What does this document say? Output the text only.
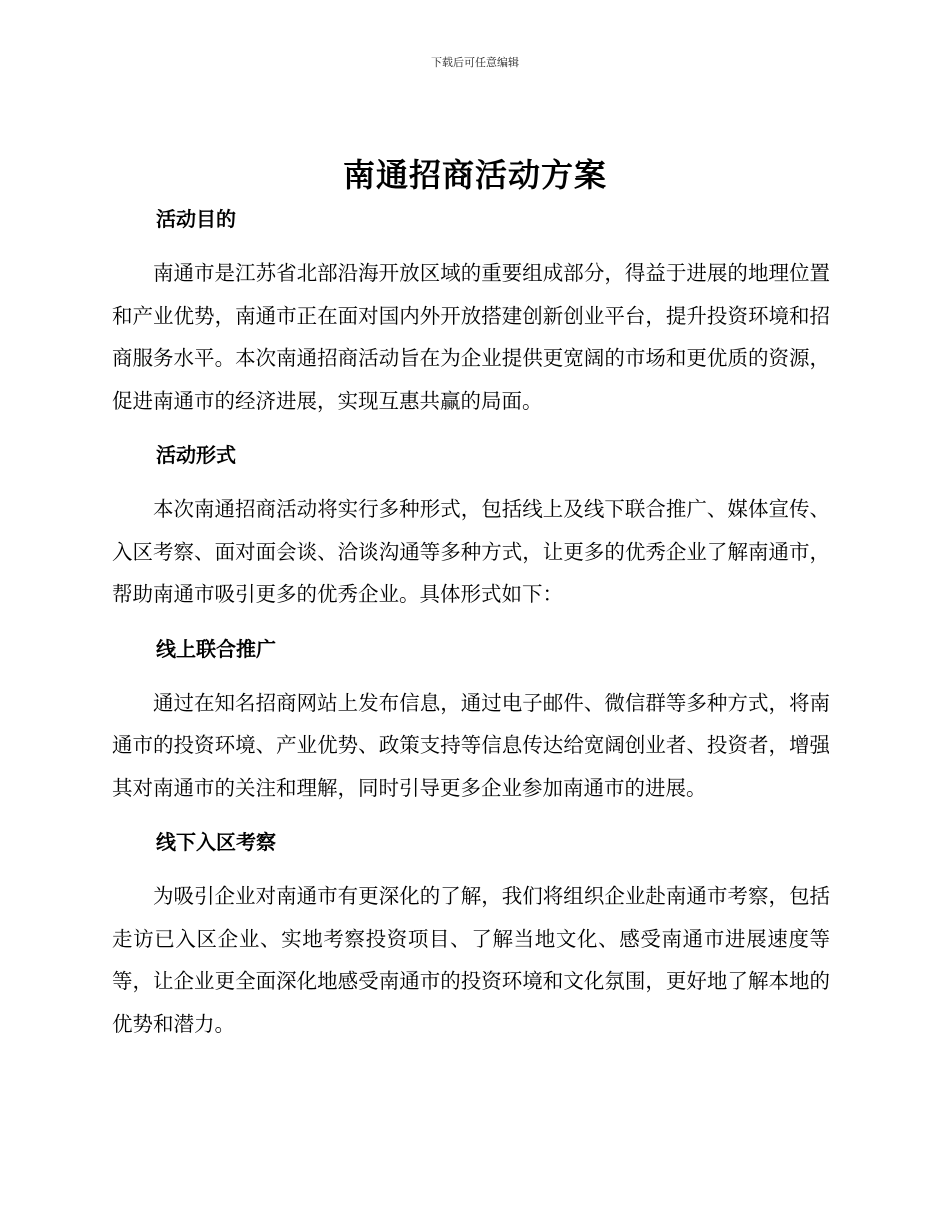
下载后可任意编辑
南通招商活动方案
活动目的

南通市是江苏省北部沿海开放区域的重要组成部分，得益于进展的地理位置和产业优势，南通市正在面对国内外开放搭建创新创业平台，提升投资环境和招商服务水平。本次南通招商活动旨在为企业提供更宽阔的市场和更优质的资源，促进南通市的经济进展，实现互惠共赢的局面。

活动形式

本次南通招商活动将实行多种形式，包括线上及线下联合推广、媒体宣传、入区考察、面对面会谈、洽谈沟通等多种方式，让更多的优秀企业了解南通市，帮助南通市吸引更多的优秀企业。具体形式如下：

线上联合推广

通过在知名招商网站上发布信息，通过电子邮件、微信群等多种方式，将南通市的投资环境、产业优势、政策支持等信息传达给宽阔创业者、投资者，增强其对南通市的关注和理解，同时引导更多企业参加南通市的进展。

线下入区考察

为吸引企业对南通市有更深化的了解，我们将组织企业赴南通市考察，包括走访已入区企业、实地考察投资项目、了解当地文化、感受南通市进展速度等等，让企业更全面深化地感受南通市的投资环境和文化氛围，更好地了解本地的优势和潜力。
